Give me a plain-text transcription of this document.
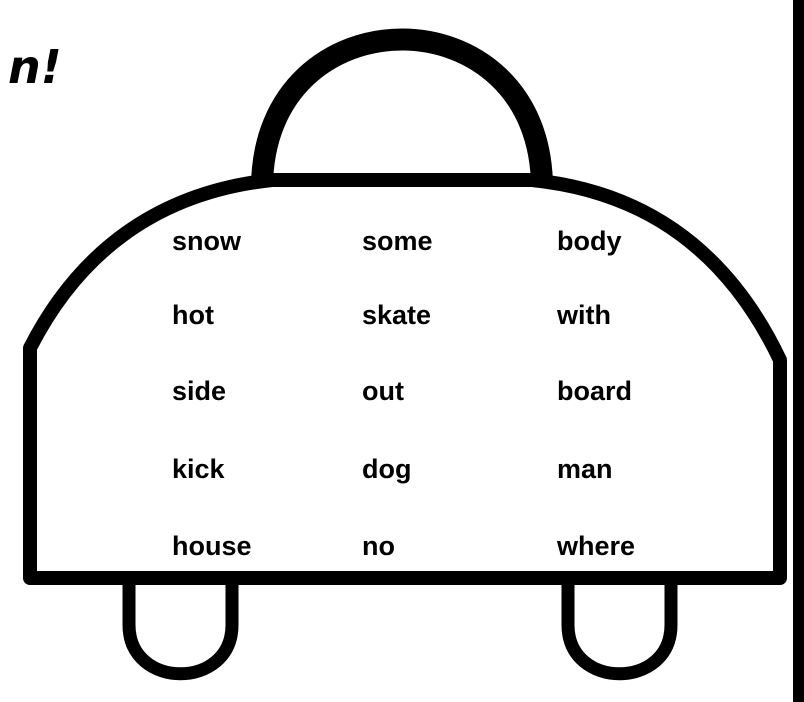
n!
snow	some	body
hot	skate	with
side	out	board
kick	dog	man
house	no	where
